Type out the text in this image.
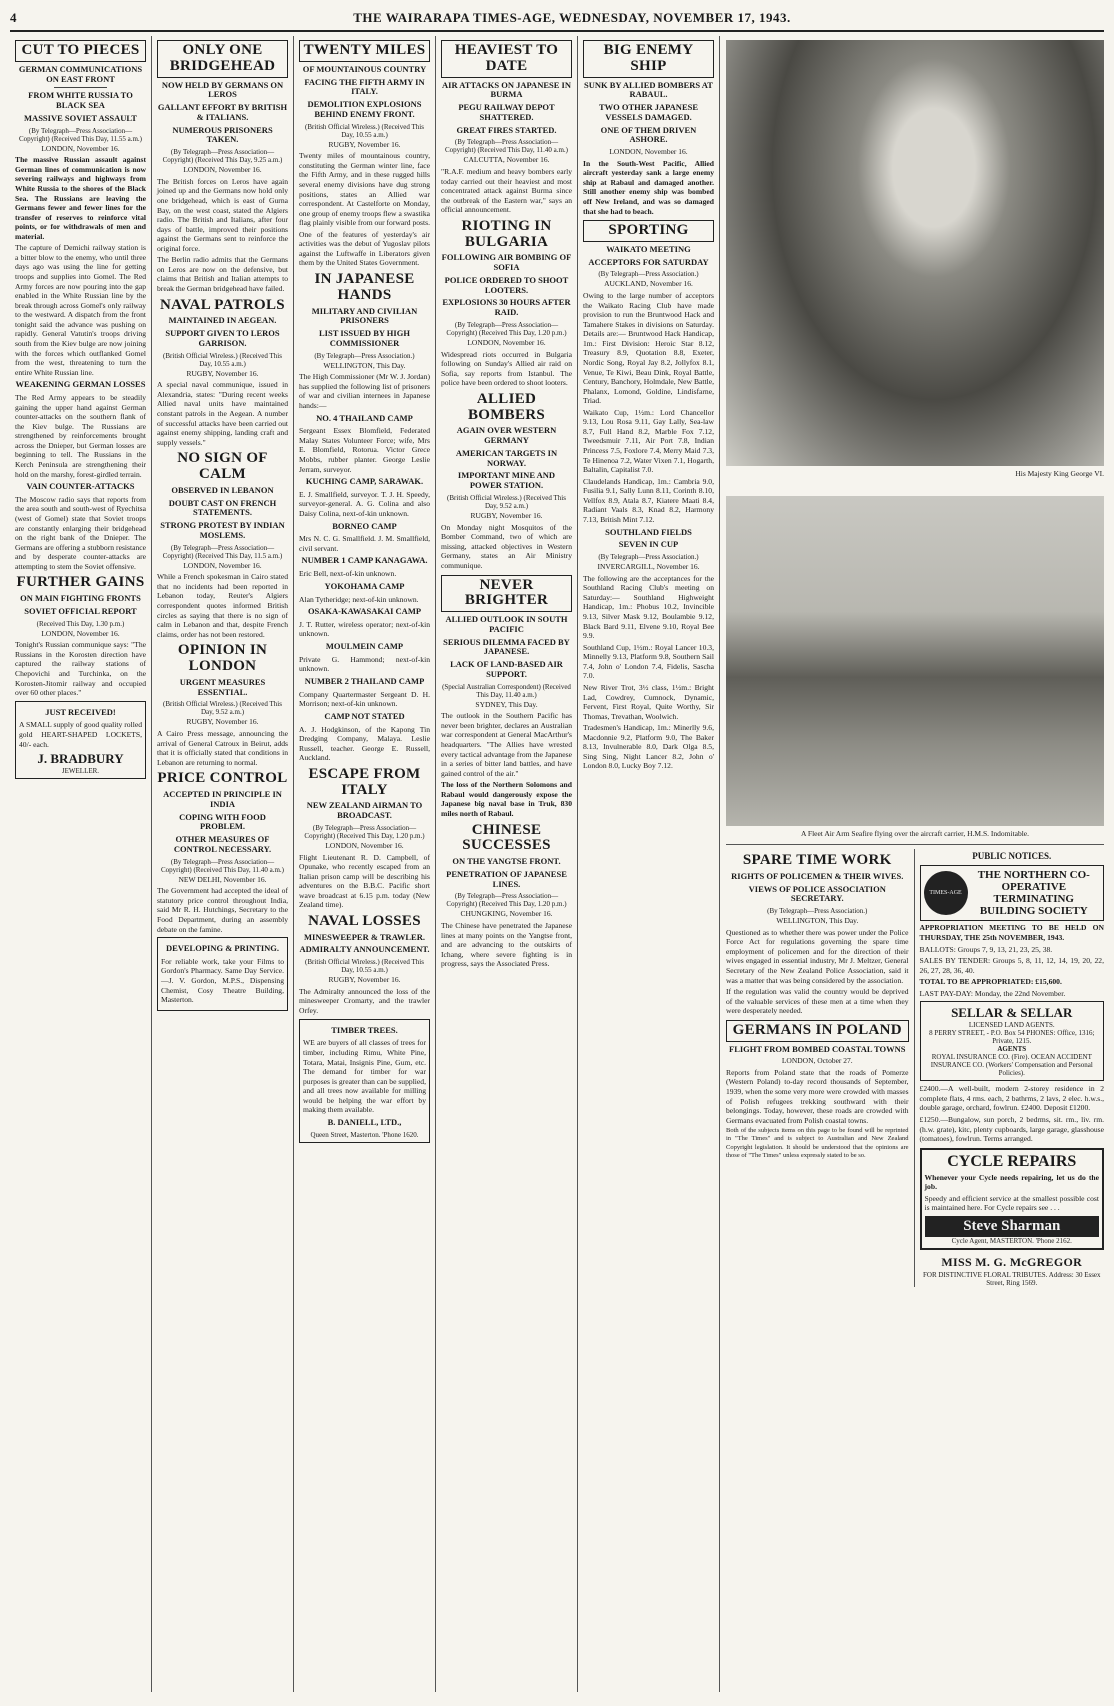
4	THE WAIRARAPA TIMES-AGE, WEDNESDAY, NOVEMBER 17, 1943.
CUT TO PIECES
GERMAN COMMUNICATIONS ON EAST FRONT
FROM WHITE RUSSIA TO BLACK SEA
MASSIVE SOVIET ASSAULT
(By Telegraph—Press Association—Copyright) (Received This Day, 11.55 a.m.)
LONDON, November 16.
The massive Russian assault against German lines of communication is now severing railways and highways from White Russia to the shores of the Black Sea. The Russians are leaving the Germans fewer and fewer lines for the transfer of reserves to reinforce vital points, or for withdrawals of men and material.
The capture of Demichi railway station is a bitter blow to the enemy, who until three days ago was using the line for getting troops and supplies into Gomel. The Red Army forces are now pouring into the gap enabled in the White Russian line by the break through across Gomel's only railway to the westward. A dispatch from the front tonight said the advance was pushing on rapidly. General Vatutin's troops driving south from the Kiev bulge are now joining with the forces which outflanked Gomel from the west, threatening to turn the entire White Russian line.
WEAKENING GERMAN LOSSES
The Red Army appears to be steadily gaining the upper hand against German counter-attacks on the southern flank of the Kiev bulge. The Russians are strengthened by reinforcements brought across the Dnieper, but German losses are beginning to tell. The Russians in the Kerch Peninsula are strengthening their hold on the marshy, forest-girdled terrain.
VAIN COUNTER-ATTACKS
The Moscow radio says that reports from the area south and south-west of Ryechitsa (west of Gomel) state that Soviet troops are constantly enlarging their bridgehead on the right bank of the Dnieper. The Germans are offering a stubborn resistance and by desperate counter-attacks are attempting to stem the Soviet offensive.
FURTHER GAINS
ON MAIN FIGHTING FRONTS
SOVIET OFFICIAL REPORT
(Received This Day, 1.30 p.m.)
LONDON, November 16.
Tonight's Russian communique says: "The Russians in the Korosten direction have captured the railway stations of Chepovichi and Turchinka, on the Korosten-Jitomir railway and occupied over 60 other places."
JUST RECEIVED!
A SMALL supply of good quality rolled gold HEART-SHAPED LOCKETS, 40/- each.
J. BRADBURY
JEWELLER.
ONLY ONE BRIDGEHEAD
NOW HELD BY GERMANS ON LEROS
GALLANT EFFORT BY BRITISH & ITALIANS.
NUMEROUS PRISONERS TAKEN.
(By Telegraph—Press Association—Copyright) (Received This Day, 9.25 a.m.)
LONDON, November 16.
The British forces on Leros have again joined up and the Germans now hold only one bridgehead, which is east of Gurna Bay, on the west coast, stated the Algiers radio. The British and Italians, after four days of battle, improved their positions against the Germans sent to reinforce the original force.
The Berlin radio admits that the Germans on Leros are now on the defensive, but claims that British and Italian attempts to break the German bridgehead have failed.
NAVAL PATROLS
MAINTAINED IN AEGEAN.
SUPPORT GIVEN TO LEROS GARRISON.
(British Official Wireless.) (Received This Day, 10.55 a.m.)
RUGBY, November 16.
A special naval communique, issued in Alexandria, states: "During recent weeks Allied naval units have maintained constant patrols in the Aegean. A number of successful attacks have been carried out against enemy shipping, landing craft and supply vessels."
NO SIGN OF CALM
OBSERVED IN LEBANON
DOUBT CAST ON FRENCH STATEMENTS.
STRONG PROTEST BY INDIAN MOSLEMS.
(By Telegraph—Press Association—Copyright) (Received This Day, 11.5 a.m.)
LONDON, November 16.
While a French spokesman in Cairo stated that no incidents had been reported in Lebanon today, Reuter's Algiers correspondent quotes informed British circles as saying that there is no sign of calm in Lebanon and that, despite French claims, order has not been restored.
OPINION IN LONDON
URGENT MEASURES ESSENTIAL.
(British Official Wireless.) (Received This Day, 9.52 a.m.)
RUGBY, November 16.
A Cairo Press message, announcing the arrival of General Catroux in Beirut, adds that it is officially stated that conditions in Lebanon are returning to normal.
PRICE CONTROL
ACCEPTED IN PRINCIPLE IN INDIA
COPING WITH FOOD PROBLEM.
OTHER MEASURES OF CONTROL NECESSARY.
(By Telegraph—Press Association—Copyright) (Received This Day, 11.40 a.m.)
NEW DELHI, November 16.
The Government had accepted the ideal of statutory price control throughout India, said Mr R. H. Hutchings, Secretary to the Food Department, during an assembly debate on the famine.
DEVELOPING & PRINTING.
For reliable work, take your Films to Gordon's Pharmacy. Same Day Service.—J. V. Gordon, M.P.S., Dispensing Chemist, Cosy Theatre Building, Masterton.
TWENTY MILES
OF MOUNTAINOUS COUNTRY
FACING THE FIFTH ARMY IN ITALY.
DEMOLITION EXPLOSIONS BEHIND ENEMY FRONT.
(British Official Wireless.) (Received This Day, 10.55 a.m.)
RUGBY, November 16.
Twenty miles of mountainous country, constituting the German winter line, face the Fifth Army, and in these rugged hills several enemy divisions have dug strong positions, states an Allied war correspondent. At Castelforte on Monday, one group of enemy troops flew a swastika flag plainly visible from our forward posts.
One of the features of yesterday's air activities was the debut of Yugoslav pilots against the Luftwaffe in Liberators given them by the United States Government.
IN JAPANESE HANDS
MILITARY AND CIVILIAN PRISONERS
LIST ISSUED BY HIGH COMMISSIONER
(By Telegraph—Press Association.)
WELLINGTON, This Day.
The High Commissioner (Mr W. J. Jordan) has supplied the following list of prisoners of war and civilian internees in Japanese hands:—
NO. 4 THAILAND CAMP
Sergeant Essex Blomfield, Federated Malay States Volunteer Force; wife, Mrs E. Blomfield, Rotorua. Victor Grece Mobbs, rubber planter. George Leslie Jerram, surveyor.
KUCHING CAMP, SARAWAK.
E. J. Smallfield, surveyor. T. J. H. Speedy, surveyor-general. A. G. Colina and also Daisy Colina, next-of-kin unknown.
BORNEO CAMP
Mrs N. C. G. Smallfield. J. M. Smallfield, civil servant.
NUMBER 1 CAMP KANAGAWA.
Eric Bell, next-of-kin unknown.
YOKOHAMA CAMP
Alan Tytheridge; next-of-kin unknown.
OSAKA-KAWASAKAI CAMP
J. T. Rutter, wireless operator; next-of-kin unknown.
MOULMEIN CAMP
Private G. Hammond; next-of-kin unknown.
NUMBER 2 THAILAND CAMP
Company Quartermaster Sergeant D. H. Morrison; next-of-kin unknown.
CAMP NOT STATED
A. J. Hodgkinson, of the Kapong Tin Dredging Company, Malaya. Leslie Russell, teacher. George E. Russell, Auckland.
ESCAPE FROM ITALY
NEW ZEALAND AIRMAN TO BROADCAST.
(By Telegraph—Press Association—Copyright) (Received This Day, 1.20 p.m.)
LONDON, November 16.
Flight Lieutenant R. D. Campbell, of Opunake, who recently escaped from an Italian prison camp will be describing his adventures on the B.B.C. Pacific short wave broadcast at 6.15 p.m. today (New Zealand time).
NAVAL LOSSES
MINESWEEPER & TRAWLER.
ADMIRALTY ANNOUNCEMENT.
(British Official Wireless.) (Received This Day, 10.55 a.m.)
RUGBY, November 16.
The Admiralty announced the loss of the minesweeper Cromarty, and the trawler Orfey.
TIMBER TREES.
WE are buyers of all classes of trees for timber, including Rimu, White Pine, Totara, Matai, Insignis Pine, Gum, etc. The demand for timber for war purposes is greater than can be supplied, and all trees now available for milling would be helping the war effort by making them available.
B. DANIELL, LTD.,
Queen Street, Masterton. 'Phone 1620.
HEAVIEST TO DATE
AIR ATTACKS ON JAPANESE IN BURMA
PEGU RAILWAY DEPOT SHATTERED.
GREAT FIRES STARTED.
(By Telegraph—Press Association—Copyright) (Received This Day, 11.40 a.m.)
CALCUTTA, November 16.
"R.A.F. medium and heavy bombers early today carried out their heaviest and most concentrated attack against Burma since the outbreak of the Eastern war," says an official announcement.
RIOTING IN BULGARIA
FOLLOWING AIR BOMBING OF SOFIA
POLICE ORDERED TO SHOOT LOOTERS.
EXPLOSIONS 30 HOURS AFTER RAID.
(By Telegraph—Press Association—Copyright) (Received This Day, 1.20 p.m.)
LONDON, November 16.
Widespread riots occurred in Bulgaria following on Sunday's Allied air raid on Sofia, say reports from Istanbul. The police have been ordered to shoot looters.
ALLIED BOMBERS
AGAIN OVER WESTERN GERMANY
AMERICAN TARGETS IN NORWAY.
IMPORTANT MINE AND POWER STATION.
(British Official Wireless.) (Received This Day, 9.52 a.m.)
RUGBY, November 16.
On Monday night Mosquitos of the Bomber Command, two of which are missing, attacked objectives in Western Germany, states an Air Ministry communique.
NEVER BRIGHTER
ALLIED OUTLOOK IN SOUTH PACIFIC
SERIOUS DILEMMA FACED BY JAPANESE.
LACK OF LAND-BASED AIR SUPPORT.
(Special Australian Correspondent) (Received This Day, 11.40 a.m.)
SYDNEY, This Day.
The outlook in the Southern Pacific has never been brighter, declares an Australian war correspondent at General MacArthur's headquarters. "The Allies have wrested every tactical advantage from the Japanese in a series of bitter land battles, and have gained control of the air."
The loss of the Northern Solomons and Rabaul would dangerously expose the Japanese big naval base in Truk, 830 miles north of Rabaul.
CHINESE SUCCESSES
ON THE YANGTSE FRONT.
PENETRATION OF JAPANESE LINES.
(By Telegraph—Press Association—Copyright) (Received This Day, 1.20 p.m.)
CHUNGKING, November 16.
The Chinese have penetrated the Japanese lines at many points on the Yangtse front, and are advancing to the outskirts of Ichang, where severe fighting is in progress, says the Associated Press.
BIG ENEMY SHIP
SUNK BY ALLIED BOMBERS AT RABAUL.
TWO OTHER JAPANESE VESSELS DAMAGED.
ONE OF THEM DRIVEN ASHORE.
LONDON, November 16.
In the South-West Pacific, Allied aircraft yesterday sank a large enemy ship at Rabaul and damaged another. Still another enemy ship was bombed off New Ireland, and was so damaged that she had to beach.
SPORTING
WAIKATO MEETING
ACCEPTORS FOR SATURDAY
(By Telegraph—Press Association.)
AUCKLAND, November 16.
Owing to the large number of acceptors the Waikato Racing Club have made provision to run the Bruntwood Hack and Tamahere Stakes in divisions on Saturday. Details are:— Bruntwood Hack Handicap, 1m.: First Division: Heroic Star 8.12, Treasury 8.9, Quotation 8.8, Exeter, Nordic Song, Royal Jay 8.2, Jollyfox 8.1, Venue, Te Kiwi, Beau Dink, Royal Battle, Century, Banchory, Holmdale, New Battle, Phalanx, Lomond, Goldine, Lindisfarne, Triad.
Waikato Cup, 1½m.: Lord Chancellor 9.13, Lou Rosa 9.11, Gay Lally, Sea-law 8.7, Full Hand 8.2, Marble Fox 7.12, Tweedsmuir 7.11, Air Port 7.8, Indian Princess 7.5, Foxlore 7.4, Merry Maid 7.3, Te Hinenoa 7.2, Water Vixen 7.1, Hogarth, Baltalin, Capitalist 7.0.
Claudelands Handicap, 1m.: Cambria 9.0, Fusilia 9.1, Sally Lunn 8.11, Corinth 8.10, Vellfox 8.9, Atala 8.7, Kiatere Maati 8.4, Radiant Vaals 8.3, Knad 8.2, Harmony 7.13, British Mint 7.12.
SOUTHLAND FIELDS
SEVEN IN CUP
(By Telegraph—Press Association.)
INVERCARGILL, November 16.
The following are the acceptances for the Southland Racing Club's meeting on Saturday:— Southland Highweight Handicap, 1m.: Phobus 10.2, Invincible 9.13, Silver Mask 9.12, Boulambie 9.12, Black Bard 9.11, Elvene 9.10, Royal Bee 9.9.
Southland Cup, 1½m.: Royal Lancer 10.3, Minnelly 9.13, Platform 9.8, Southern Sail 7.4, John o' London 7.4, Fidelis, Sascha 7.0.
New River Trot, 3½ class, 1½m.: Bright Lad, Cowdrey, Cumnock, Dynamic, Fervent, First Royal, Quite Worthy, Sir Thomas, Trevathan, Woolwich.
Tradesmen's Handicap, 1m.: Minerlly 9.6, Macdonnie 9.2, Platform 9.0, The Baker 8.13, Invulnerable 8.0, Dark Olga 8.5, Sing Sing, Night Lancer 8.2, John o' London 8.0, Lucky Boy 7.12.
His Majesty King George VI.
A Fleet Air Arm Seafire flying over the aircraft carrier, H.M.S. Indomitable.
SPARE TIME WORK
RIGHTS OF POLICEMEN & THEIR WIVES.
VIEWS OF POLICE ASSOCIATION SECRETARY.
(By Telegraph—Press Association.)
WELLINGTON, This Day.
Questioned as to whether there was power under the Police Force Act for regulations governing the spare time employment of policemen and for the direction of their wives engaged in essential industry, Mr J. Meltzer, General Secretary of the New Zealand Police Association, said it was a matter that was being considered by the association.
If the regulation was valid the country would be deprived of the valuable services of these men at a time when they were desperately needed.
GERMANS IN POLAND
FLIGHT FROM BOMBED COASTAL TOWNS
LONDON, October 27.
Reports from Poland state that the roads of Pomerze (Western Poland) to-day record thousands of September, 1939, when the some very more were crowded with masses of Polish refugees trekking southward with their belongings. Today, however, these roads are crowded with Germans evacuated from Polish coastal towns.
Both of the subjects items on this page to be found will be reprinted in "The Times" and is subject to Australian and New Zealand Copyright legislation. It should be understood that the opinions are those of "The Times" unless expressly stated to be so.
PUBLIC NOTICES.
TIMES-AGE
THE NORTHERN CO-OPERATIVE TERMINATING BUILDING SOCIETY
APPROPRIATION MEETING TO BE HELD ON THURSDAY, THE 25th NOVEMBER, 1943.
BALLOTS: Groups 7, 9, 13, 21, 23, 25, 38.
SALES BY TENDER: Groups 5, 8, 11, 12, 14, 19, 20, 22, 26, 27, 28, 36, 40.
TOTAL TO BE APPROPRIATED: £15,600.
LAST PAY-DAY: Monday, the 22nd November.
SELLAR & SELLAR
LICENSED LAND AGENTS.
8 PERRY STREET, - P.O. Box 54 PHONES: Office, 1316; Private, 1215.
AGENTS
ROYAL INSURANCE CO. (Fire). OCEAN ACCIDENT INSURANCE CO. (Workers' Compensation and Personal Policies).
£2400.—A well-built, modern 2-storey residence in 2 complete flats, 4 rms. each, 2 bathrms, 2 lavs, 2 elec. h.w.s., double garage, orchard, fowlrun. £2400. Deposit £1200.
£1250.—Bungalow, sun porch, 2 bedrms, sit. rm., liv. rm. (h.w. grate), kitc, plenty cupboards, large garage, glasshouse (tomatoes), fowlrun. Terms arranged.
CYCLE REPAIRS
Whenever your Cycle needs repairing, let us do the job.
Speedy and efficient service at the smallest possible cost is maintained here. For Cycle repairs see . . .
Steve Sharman
Cycle Agent, MASTERTON. 'Phone 2162.
MISS M. G. McGREGOR
FOR DISTINCTIVE FLORAL TRIBUTES. Address: 30 Essex Street, Ring 1569.
